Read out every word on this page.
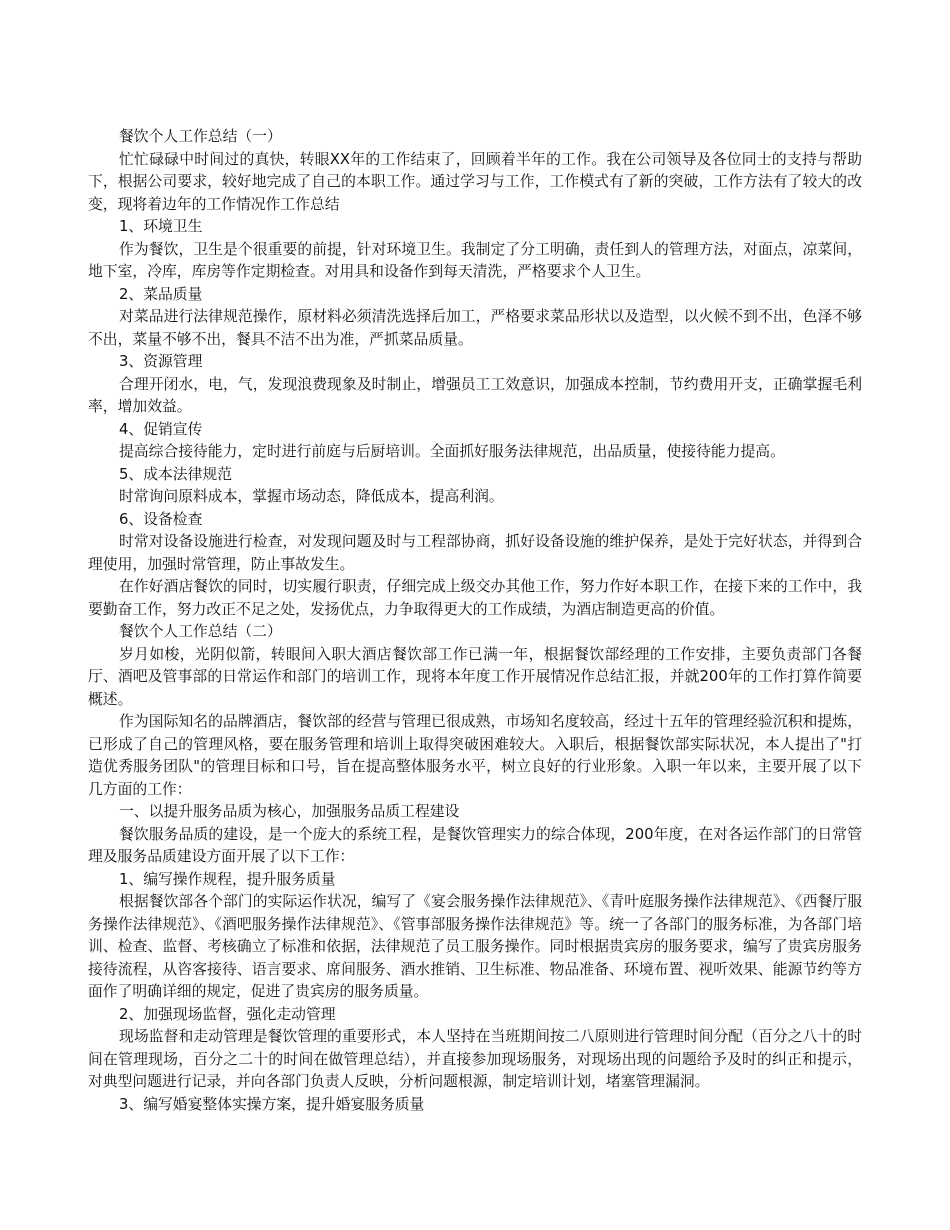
餐饮个人工作总结（一）

忙忙碌碌中时间过的真快，转眼XX年的工作结束了，回顾着半年的工作。我在公司领导及各位同士的支持与帮助下，根据公司要求，较好地完成了自己的本职工作。通过学习与工作，工作模式有了新的突破，工作方法有了较大的改变，现将着边年的工作情况作工作总结

1、环境卫生

作为餐饮，卫生是个很重要的前提，针对环境卫生。我制定了分工明确，责任到人的管理方法，对面点，凉菜间，地下室，冷库，库房等作定期检查。对用具和设备作到每天清洗，严格要求个人卫生。

2、菜品质量

对菜品进行法律规范操作，原材料必须清洗选择后加工，严格要求菜品形状以及造型，以火候不到不出，色泽不够不出，菜量不够不出，餐具不洁不出为准，严抓菜品质量。

3、资源管理

合理开闭水，电，气，发现浪费现象及时制止，增强员工工效意识，加强成本控制，节约费用开支，正确掌握毛利率，增加效益。

4、促销宣传

提高综合接待能力，定时进行前庭与后厨培训。全面抓好服务法律规范，出品质量，使接待能力提高。

5、成本法律规范

时常询问原料成本，掌握市场动态，降低成本，提高利润。

6、设备检查

时常对设备设施进行检查，对发现问题及时与工程部协商，抓好设备设施的维护保养，是处于完好状态，并得到合理使用，加强时常管理，防止事故发生。

在作好酒店餐饮的同时，切实履行职责，仔细完成上级交办其他工作，努力作好本职工作，在接下来的工作中，我要勤奋工作，努力改正不足之处，发扬优点，力争取得更大的工作成绩，为酒店制造更高的价值。

餐饮个人工作总结（二）

岁月如梭，光阴似箭，转眼间入职大酒店餐饮部工作已满一年，根据餐饮部经理的工作安排，主要负责部门各餐厅、酒吧及管事部的日常运作和部门的培训工作，现将本年度工作开展情况作总结汇报，并就200年的工作打算作简要概述。

作为国际知名的品牌酒店，餐饮部的经营与管理已很成熟，市场知名度较高，经过十五年的管理经验沉积和提炼，已形成了自己的管理风格，要在服务管理和培训上取得突破困难较大。入职后，根据餐饮部实际状况，本人提出了"打造优秀服务团队"的管理目标和口号，旨在提高整体服务水平，树立良好的行业形象。入职一年以来，主要开展了以下几方面的工作：

一、以提升服务品质为核心，加强服务品质工程建设

餐饮服务品质的建设，是一个庞大的系统工程，是餐饮管理实力的综合体现，200年度，在对各运作部门的日常管理及服务品质建设方面开展了以下工作：

1、编写操作规程，提升服务质量

根据餐饮部各个部门的实际运作状况，编写了《宴会服务操作法律规范》、《青叶庭服务操作法律规范》、《西餐厅服务操作法律规范》、《酒吧服务操作法律规范》、《管事部服务操作法律规范》等。统一了各部门的服务标准，为各部门培训、检查、监督、考核确立了标准和依据，法律规范了员工服务操作。同时根据贵宾房的服务要求，编写了贵宾房服务接待流程，从咨客接待、语言要求、席间服务、酒水推销、卫生标准、物品准备、环境布置、视听效果、能源节约等方面作了明确详细的规定，促进了贵宾房的服务质量。

2、加强现场监督，强化走动管理

现场监督和走动管理是餐饮管理的重要形式，本人坚持在当班期间按二八原则进行管理时间分配（百分之八十的时间在管理现场，百分之二十的时间在做管理总结），并直接参加现场服务，对现场出现的问题给予及时的纠正和提示，对典型问题进行记录，并向各部门负责人反映，分析问题根源，制定培训计划，堵塞管理漏洞。

3、编写婚宴整体实操方案，提升婚宴服务质量
